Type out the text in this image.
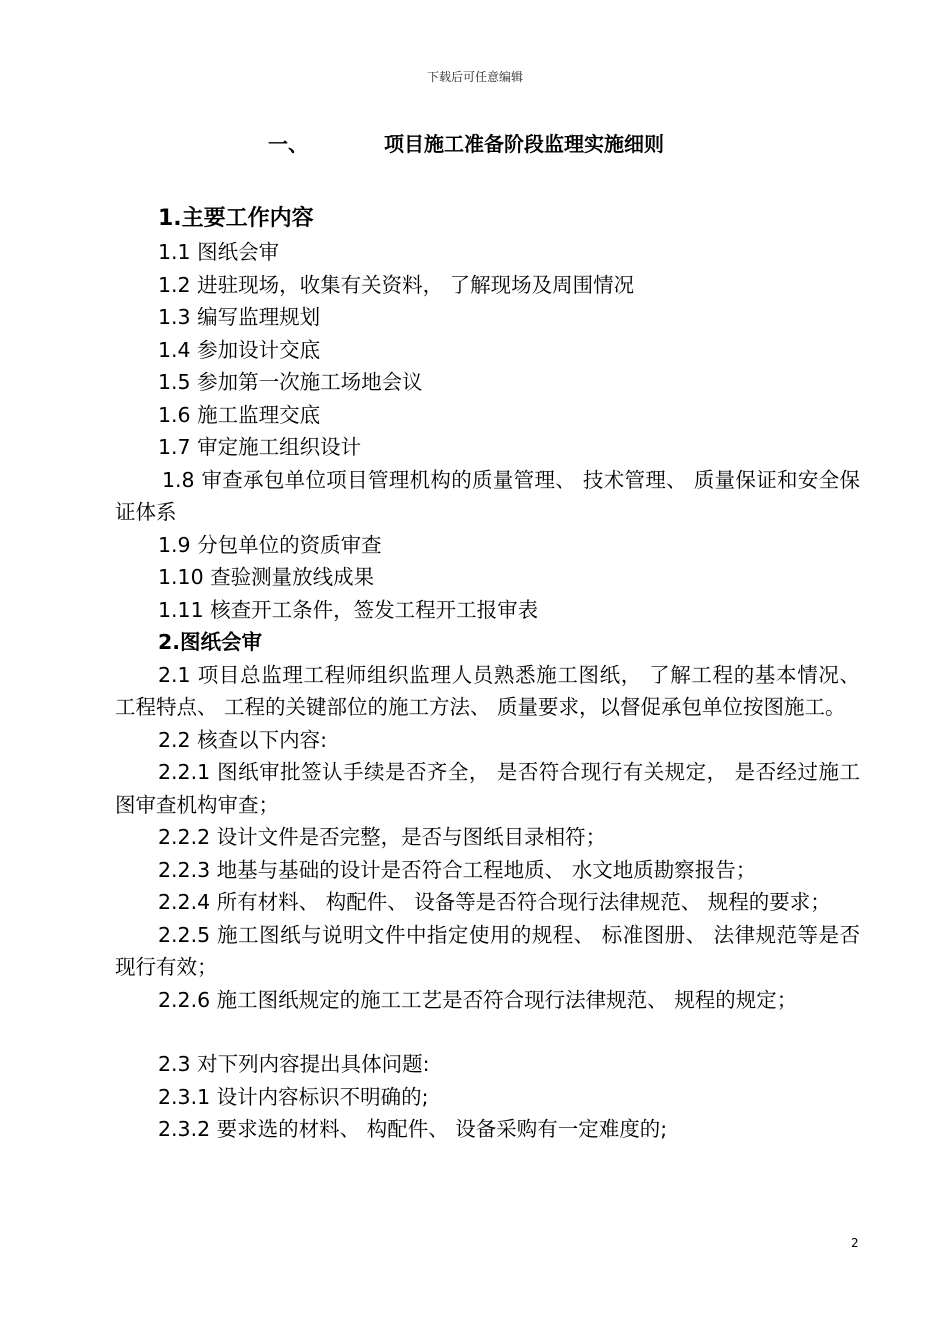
下载后可任意编辑
一、	项目施工准备阶段监理实施细则
1.主要工作内容
1.1 图纸会审
1.2 进驻现场，收集有关资料， 了解现场及周围情况
1.3 编写监理规划
1.4 参加设计交底
1.5 参加第一次施工场地会议
1.6 施工监理交底
1.7 审定施工组织设计
1.8 审查承包单位项目管理机构的质量管理、 技术管理、 质量保证和安全保证体系
1.9 分包单位的资质审查
1.10 查验测量放线成果
1.11 核查开工条件，签发工程开工报审表
2.图纸会审
2.1 项目总监理工程师组织监理人员熟悉施工图纸， 了解工程的基本情况、 工程特点、 工程的关键部位的施工方法、 质量要求，以督促承包单位按图施工。
2.2 核查以下内容:
2.2.1 图纸审批签认手续是否齐全， 是否符合现行有关规定， 是否经过施工图审查机构审查；
2.2.2 设计文件是否完整，是否与图纸目录相符；
2.2.3 地基与基础的设计是否符合工程地质、 水文地质勘察报告；
2.2.4 所有材料、 构配件、 设备等是否符合现行法律规范、 规程的要求；
2.2.5 施工图纸与说明文件中指定使用的规程、 标准图册、 法律规范等是否现行有效；
2.2.6 施工图纸规定的施工工艺是否符合现行法律规范、 规程的规定；
2.3 对下列内容提出具体问题:
2.3.1 设计内容标识不明确的;
2.3.2 要求选的材料、 构配件、 设备采购有一定难度的;
2
